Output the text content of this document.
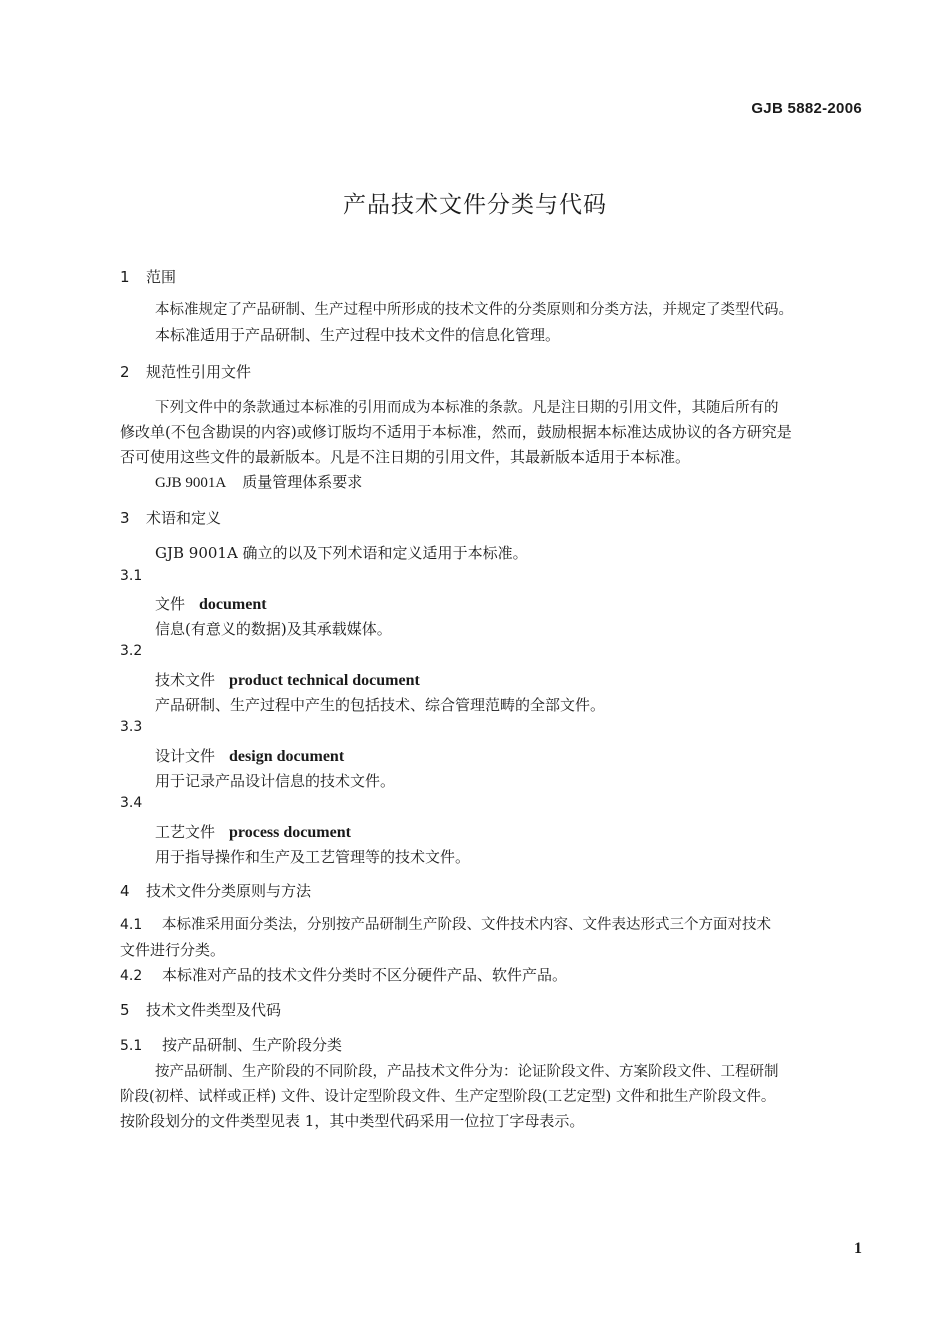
GJB 5882-2006
产品技术文件分类与代码
1 范围
本标准规定了产品研制、生产过程中所形成的技术文件的分类原则和分类方法，并规定了类型代码。
本标准适用于产品研制、生产过程中技术文件的信息化管理。
2 规范性引用文件
下列文件中的条款通过本标准的引用而成为本标准的条款。凡是注日期的引用文件，其随后所有的
修改单(不包含勘误的内容)或修订版均不适用于本标准，然而，鼓励根据本标准达成协议的各方研究是
否可使用这些文件的最新版本。凡是不注日期的引用文件，其最新版本适用于本标准。
GJB 9001A 质量管理体系要求
3 术语和定义
GJB 9001A 确立的以及下列术语和定义适用于本标准。
3.1
文件 document
信息(有意义的数据)及其承载媒体。
3.2
技术文件 product technical document
产品研制、生产过程中产生的包括技术、综合管理范畴的全部文件。
3.3
设计文件 design document
用于记录产品设计信息的技术文件。
3.4
工艺文件 process document
用于指导操作和生产及工艺管理等的技术文件。
4 技术文件分类原则与方法
4.1 本标准采用面分类法，分别按产品研制生产阶段、文件技术内容、文件表达形式三个方面对技术
文件进行分类。
4.2 本标准对产品的技术文件分类时不区分硬件产品、软件产品。
5 技术文件类型及代码
5.1 按产品研制、生产阶段分类
按产品研制、生产阶段的不同阶段，产品技术文件分为：论证阶段文件、方案阶段文件、工程研制
阶段(初样、试样或正样) 文件、设计定型阶段文件、生产定型阶段(工艺定型) 文件和批生产阶段文件。
按阶段划分的文件类型见表 1，其中类型代码采用一位拉丁字母表示。
1
